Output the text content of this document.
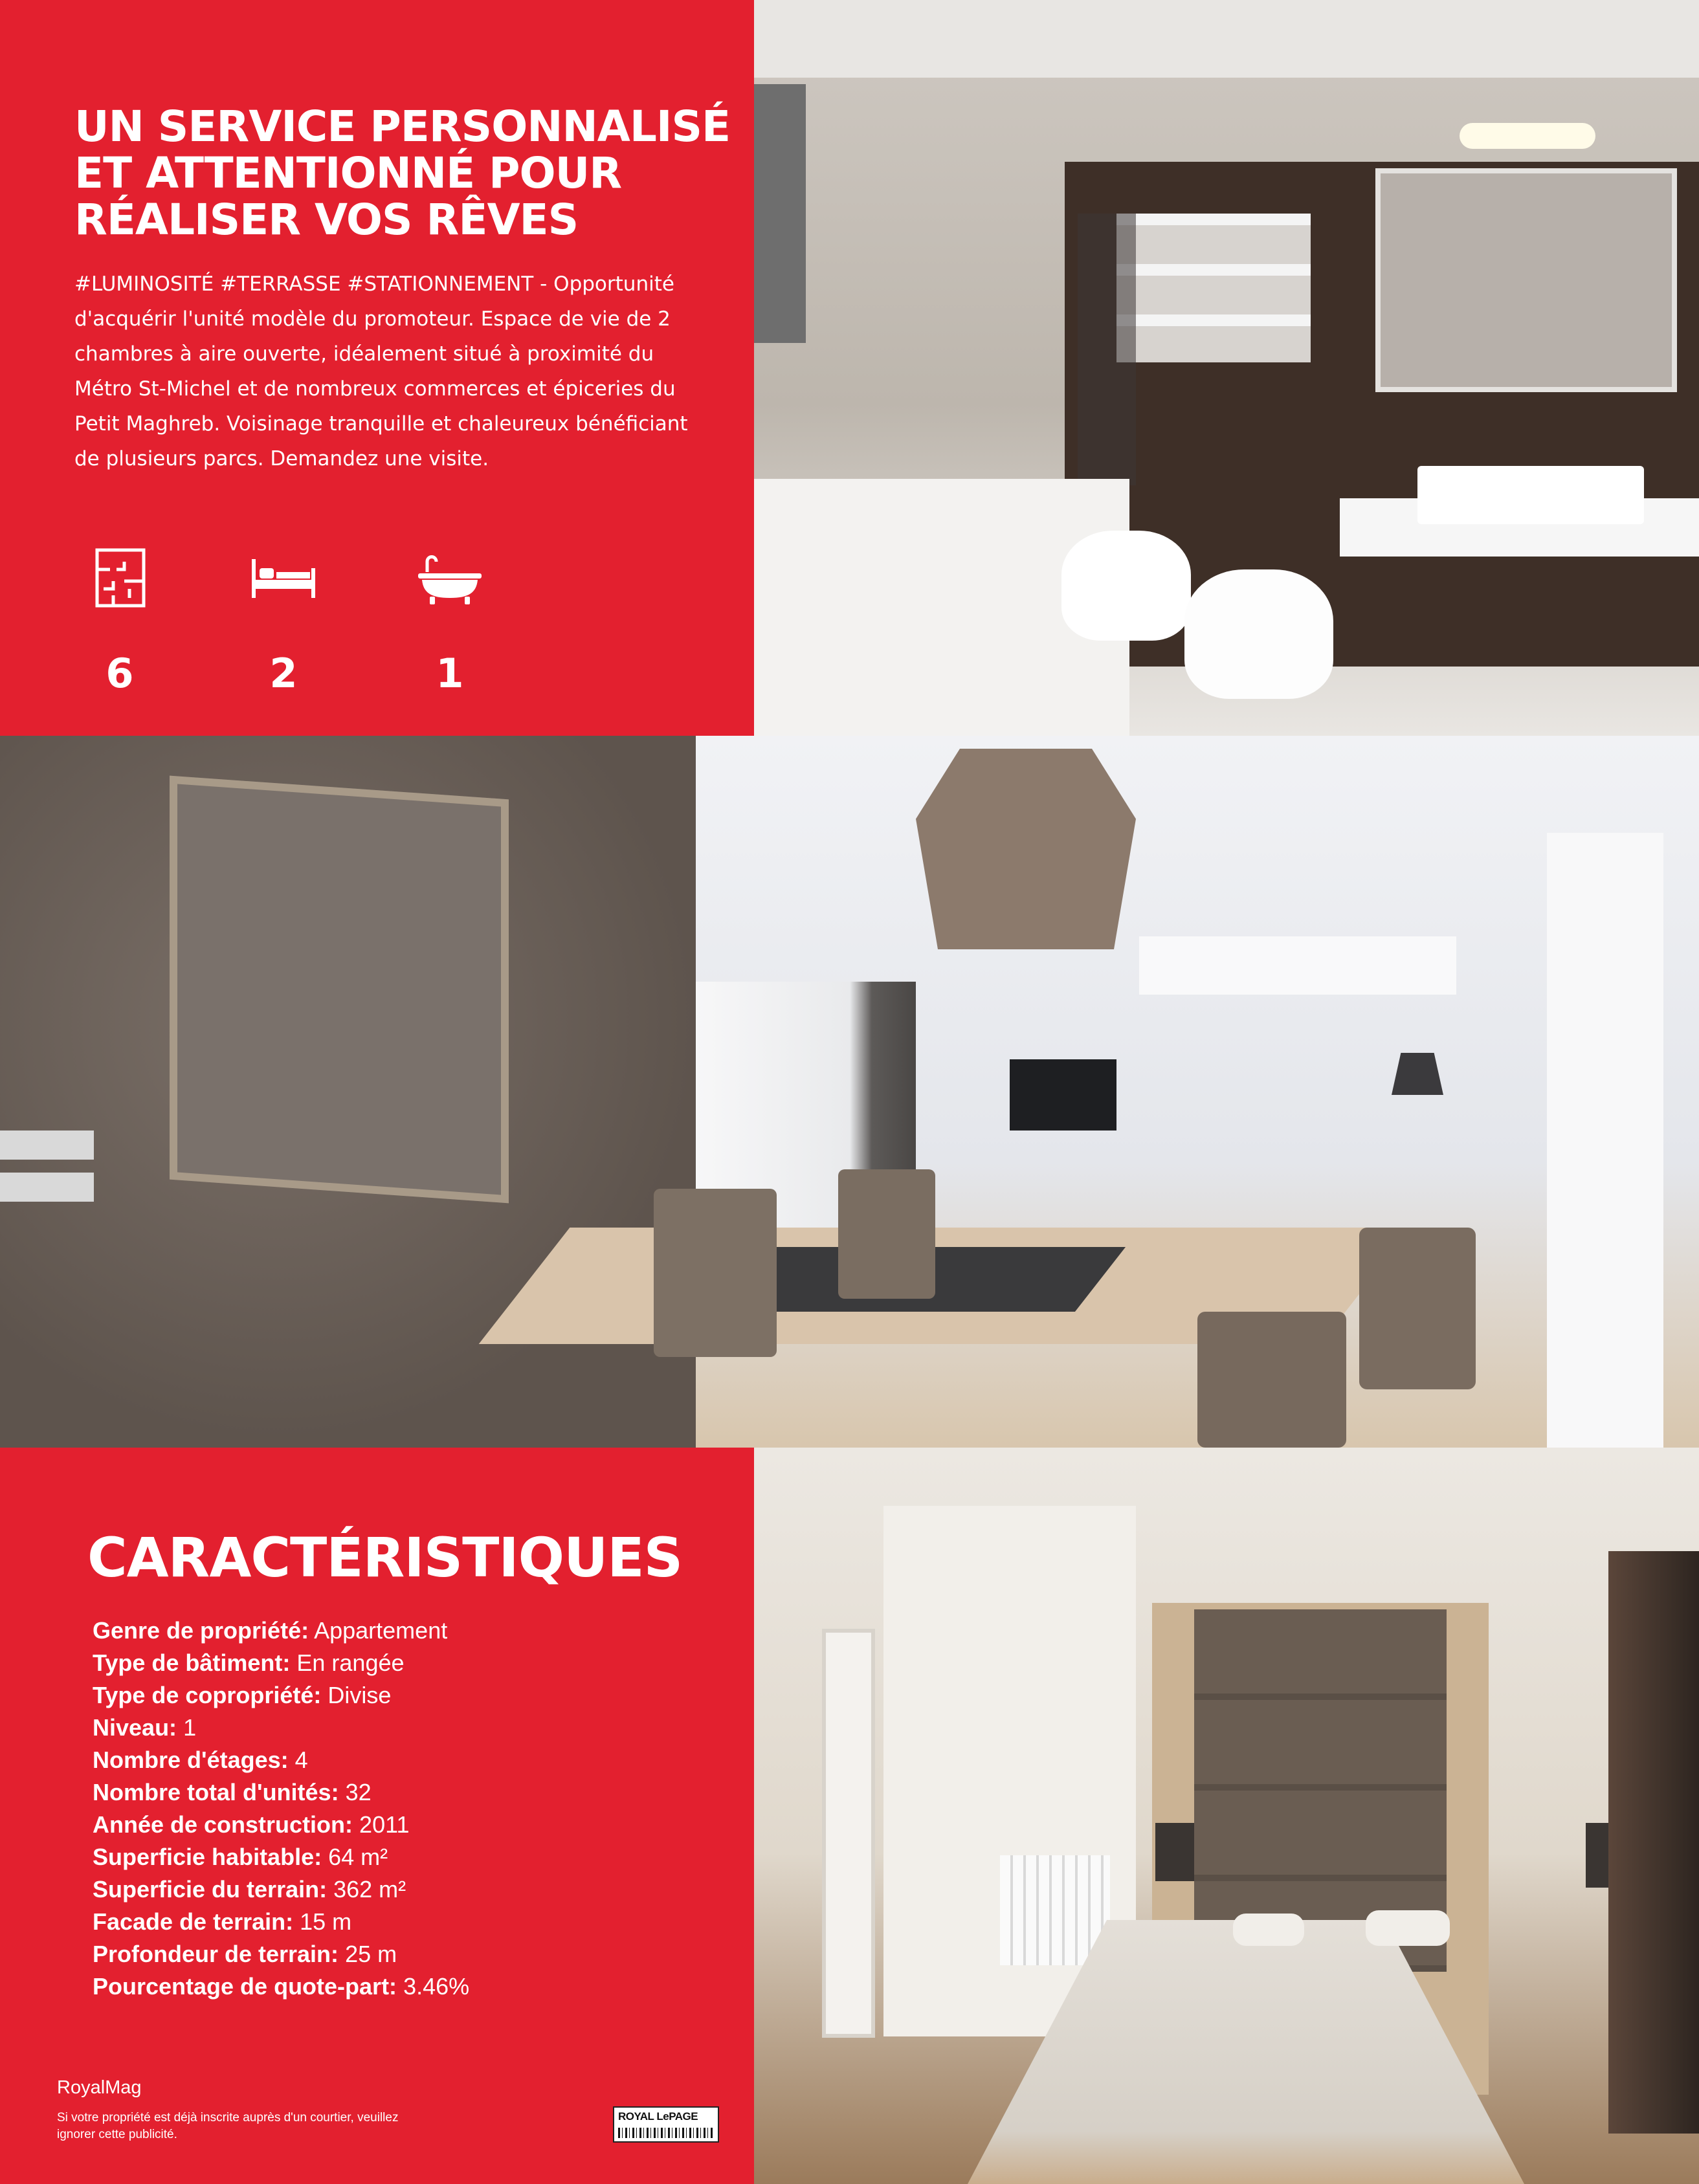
UN SERVICE PERSONNALISÉ
ET ATTENTIONNÉ POUR
RÉALISER VOS RÊVES

#LUMINOSITÉ #TERRASSE #STATIONNEMENT - Opportunité d'acquérir l'unité modèle du promoteur. Espace de vie de 2 chambres à aire ouverte, idéalement situé à proximité du Métro St-Michel et de nombreux commerces et épiceries du Petit Maghreb. Voisinage tranquille et chaleureux bénéficiant de plusieurs parcs. Demandez une visite.

6	2	1
CARACTÉRISTIQUES
Genre de propriété: Appartement
Type de bâtiment: En rangée
Type de copropriété: Divise
Niveau: 1
Nombre d'étages: 4
Nombre total d'unités: 32
Année de construction: 2011
Superficie habitable: 64 m²
Superficie du terrain: 362 m²
Facade de terrain: 15 m
Profondeur de terrain: 25 m
Pourcentage de quote-part: 3.46%
RoyalMag
Si votre propriété est déjà inscrite auprès d'un courtier, veuillez ignorer cette publicité.
ROYAL LePAGE
